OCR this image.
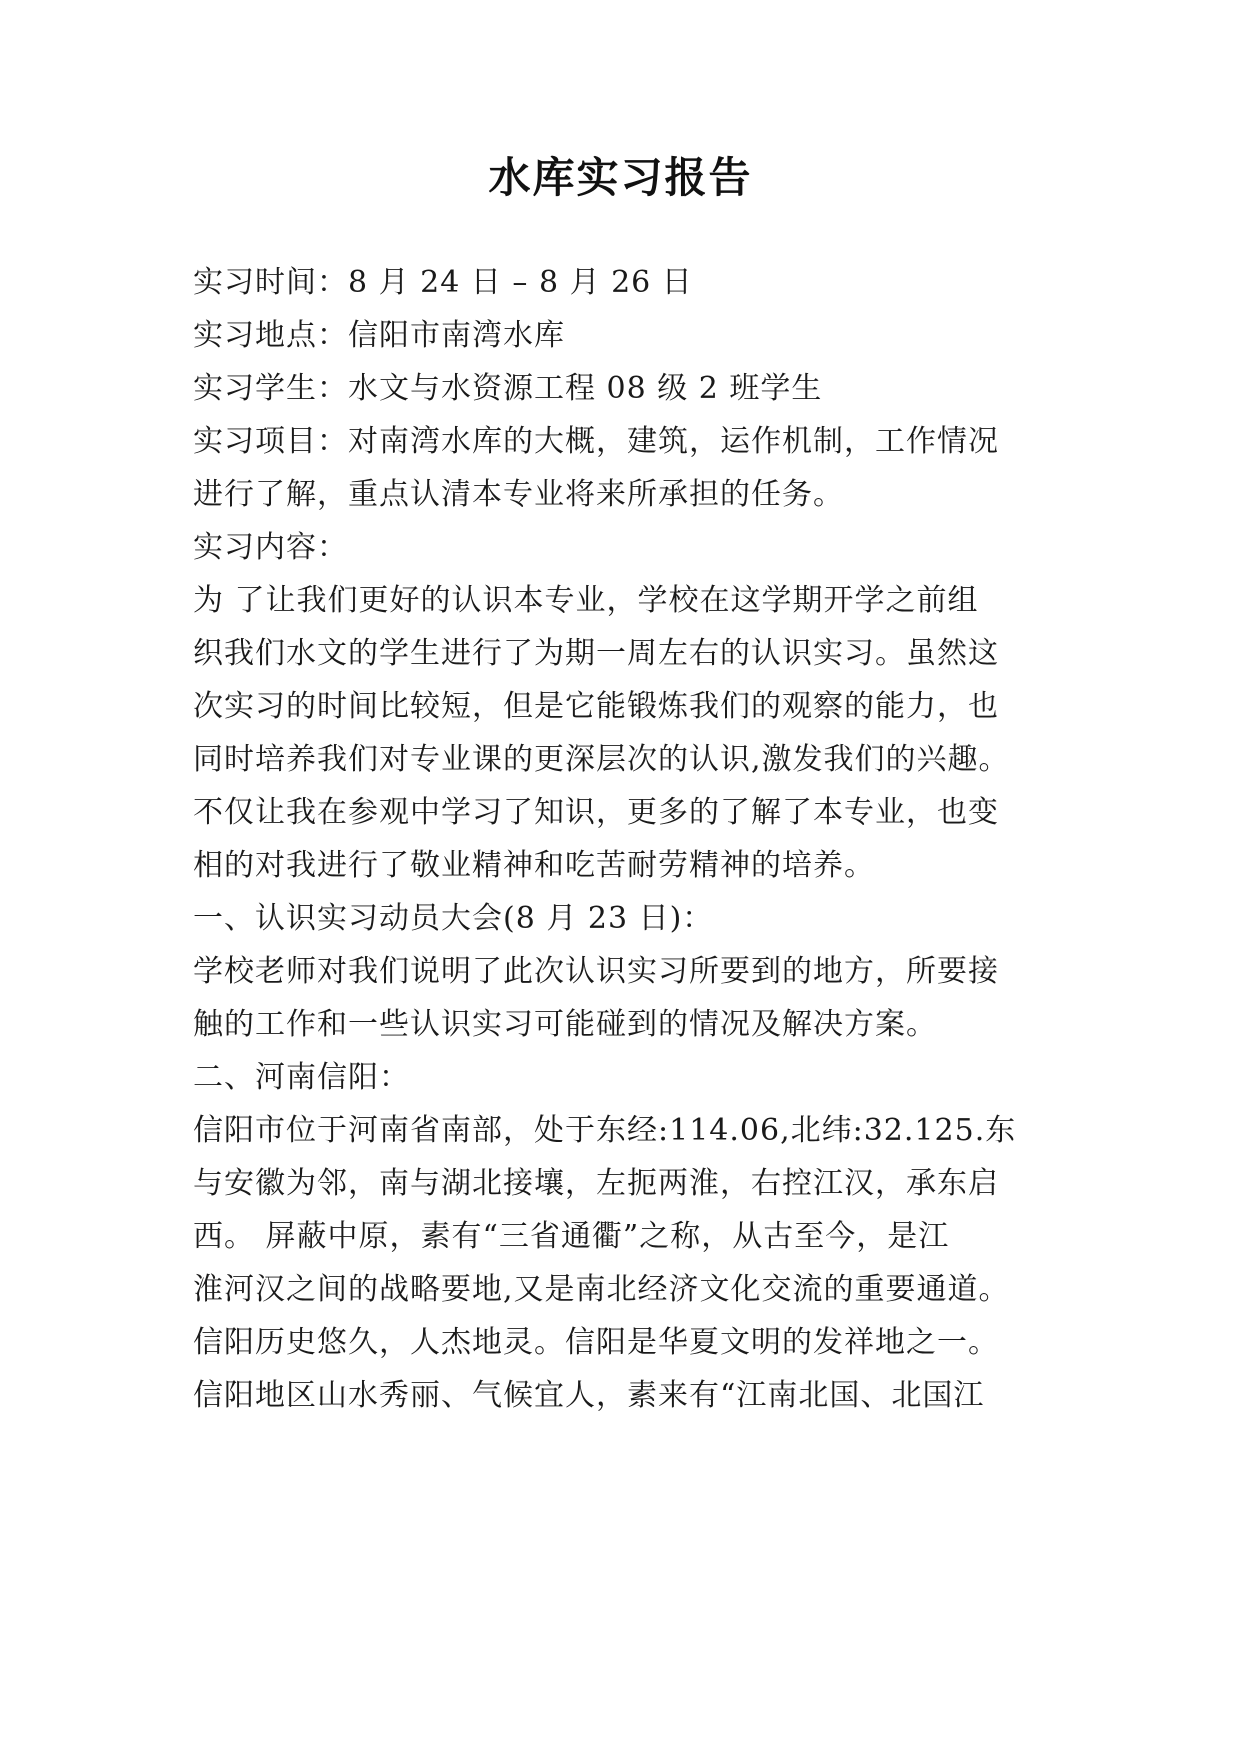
水库实习报告
实习时间：8 月 24 日 – 8 月 26 日
实习地点：信阳市南湾水库
实习学生：水文与水资源工程 08 级 2 班学生
实习项目：对南湾水库的大概，建筑，运作机制，工作情况
进行了解，重点认清本专业将来所承担的任务。
实习内容：
为 了让我们更好的认识本专业，学校在这学期开学之前组
织我们水文的学生进行了为期一周左右的认识实习。虽然这
次实习的时间比较短，但是它能锻炼我们的观察的能力，也
同时培养我们对专业课的更深层次的认识,激发我们的兴趣。
不仅让我在参观中学习了知识，更多的了解了本专业，也变
相的对我进行了敬业精神和吃苦耐劳精神的培养。
一、认识实习动员大会(8 月 23 日)：
学校老师对我们说明了此次认识实习所要到的地方，所要接
触的工作和一些认识实习可能碰到的情况及解决方案。
二、河南信阳：
信阳市位于河南省南部，处于东经:114.06,北纬:32.125.东
与安徽为邻，南与湖北接壤，左扼两淮，右控江汉，承东启
西。 屏蔽中原，素有“三省通衢”之称，从古至今，是江
淮河汉之间的战略要地,又是南北经济文化交流的重要通道。
信阳历史悠久，人杰地灵。信阳是华夏文明的发祥地之一。
信阳地区山水秀丽、气候宜人，素来有“江南北国、北国江
